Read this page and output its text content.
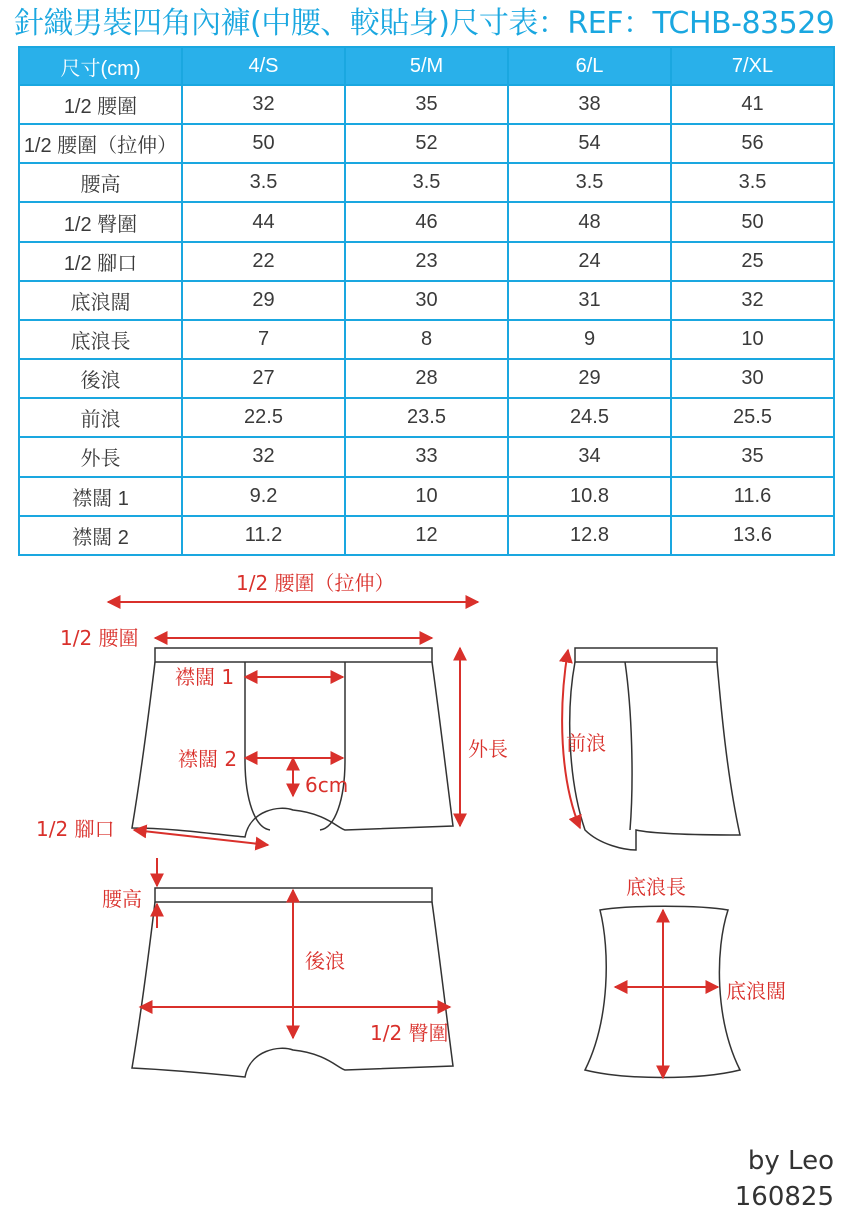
針織男裝四角內褲(中腰、較貼身)尺寸表：REF：TCHB-83529
尺寸(cm)	4/S	5/M	6/L	7/XL
1/2 腰圍	32	35	38	41
1/2 腰圍（拉伸）	50	52	54	56
腰高	3.5	3.5	3.5	3.5
1/2 臀圍	44	46	48	50
1/2 腳口	22	23	24	25
底浪闊	29	30	31	32
底浪長	7	8	9	10
後浪	27	28	29	30
前浪	22.5	23.5	24.5	25.5
外長	32	33	34	35
襟闊 1	9.2	10	10.8	11.6
襟闊 2	11.2	12	12.8	13.6
1/2 腰圍（拉伸）
1/2 腰圍
襟闊 1
襟闊 2
6cm
外長
1/2 腳口
前浪
腰高
後浪
1/2 臀圍
底浪長
底浪闊
by Leo
160825
